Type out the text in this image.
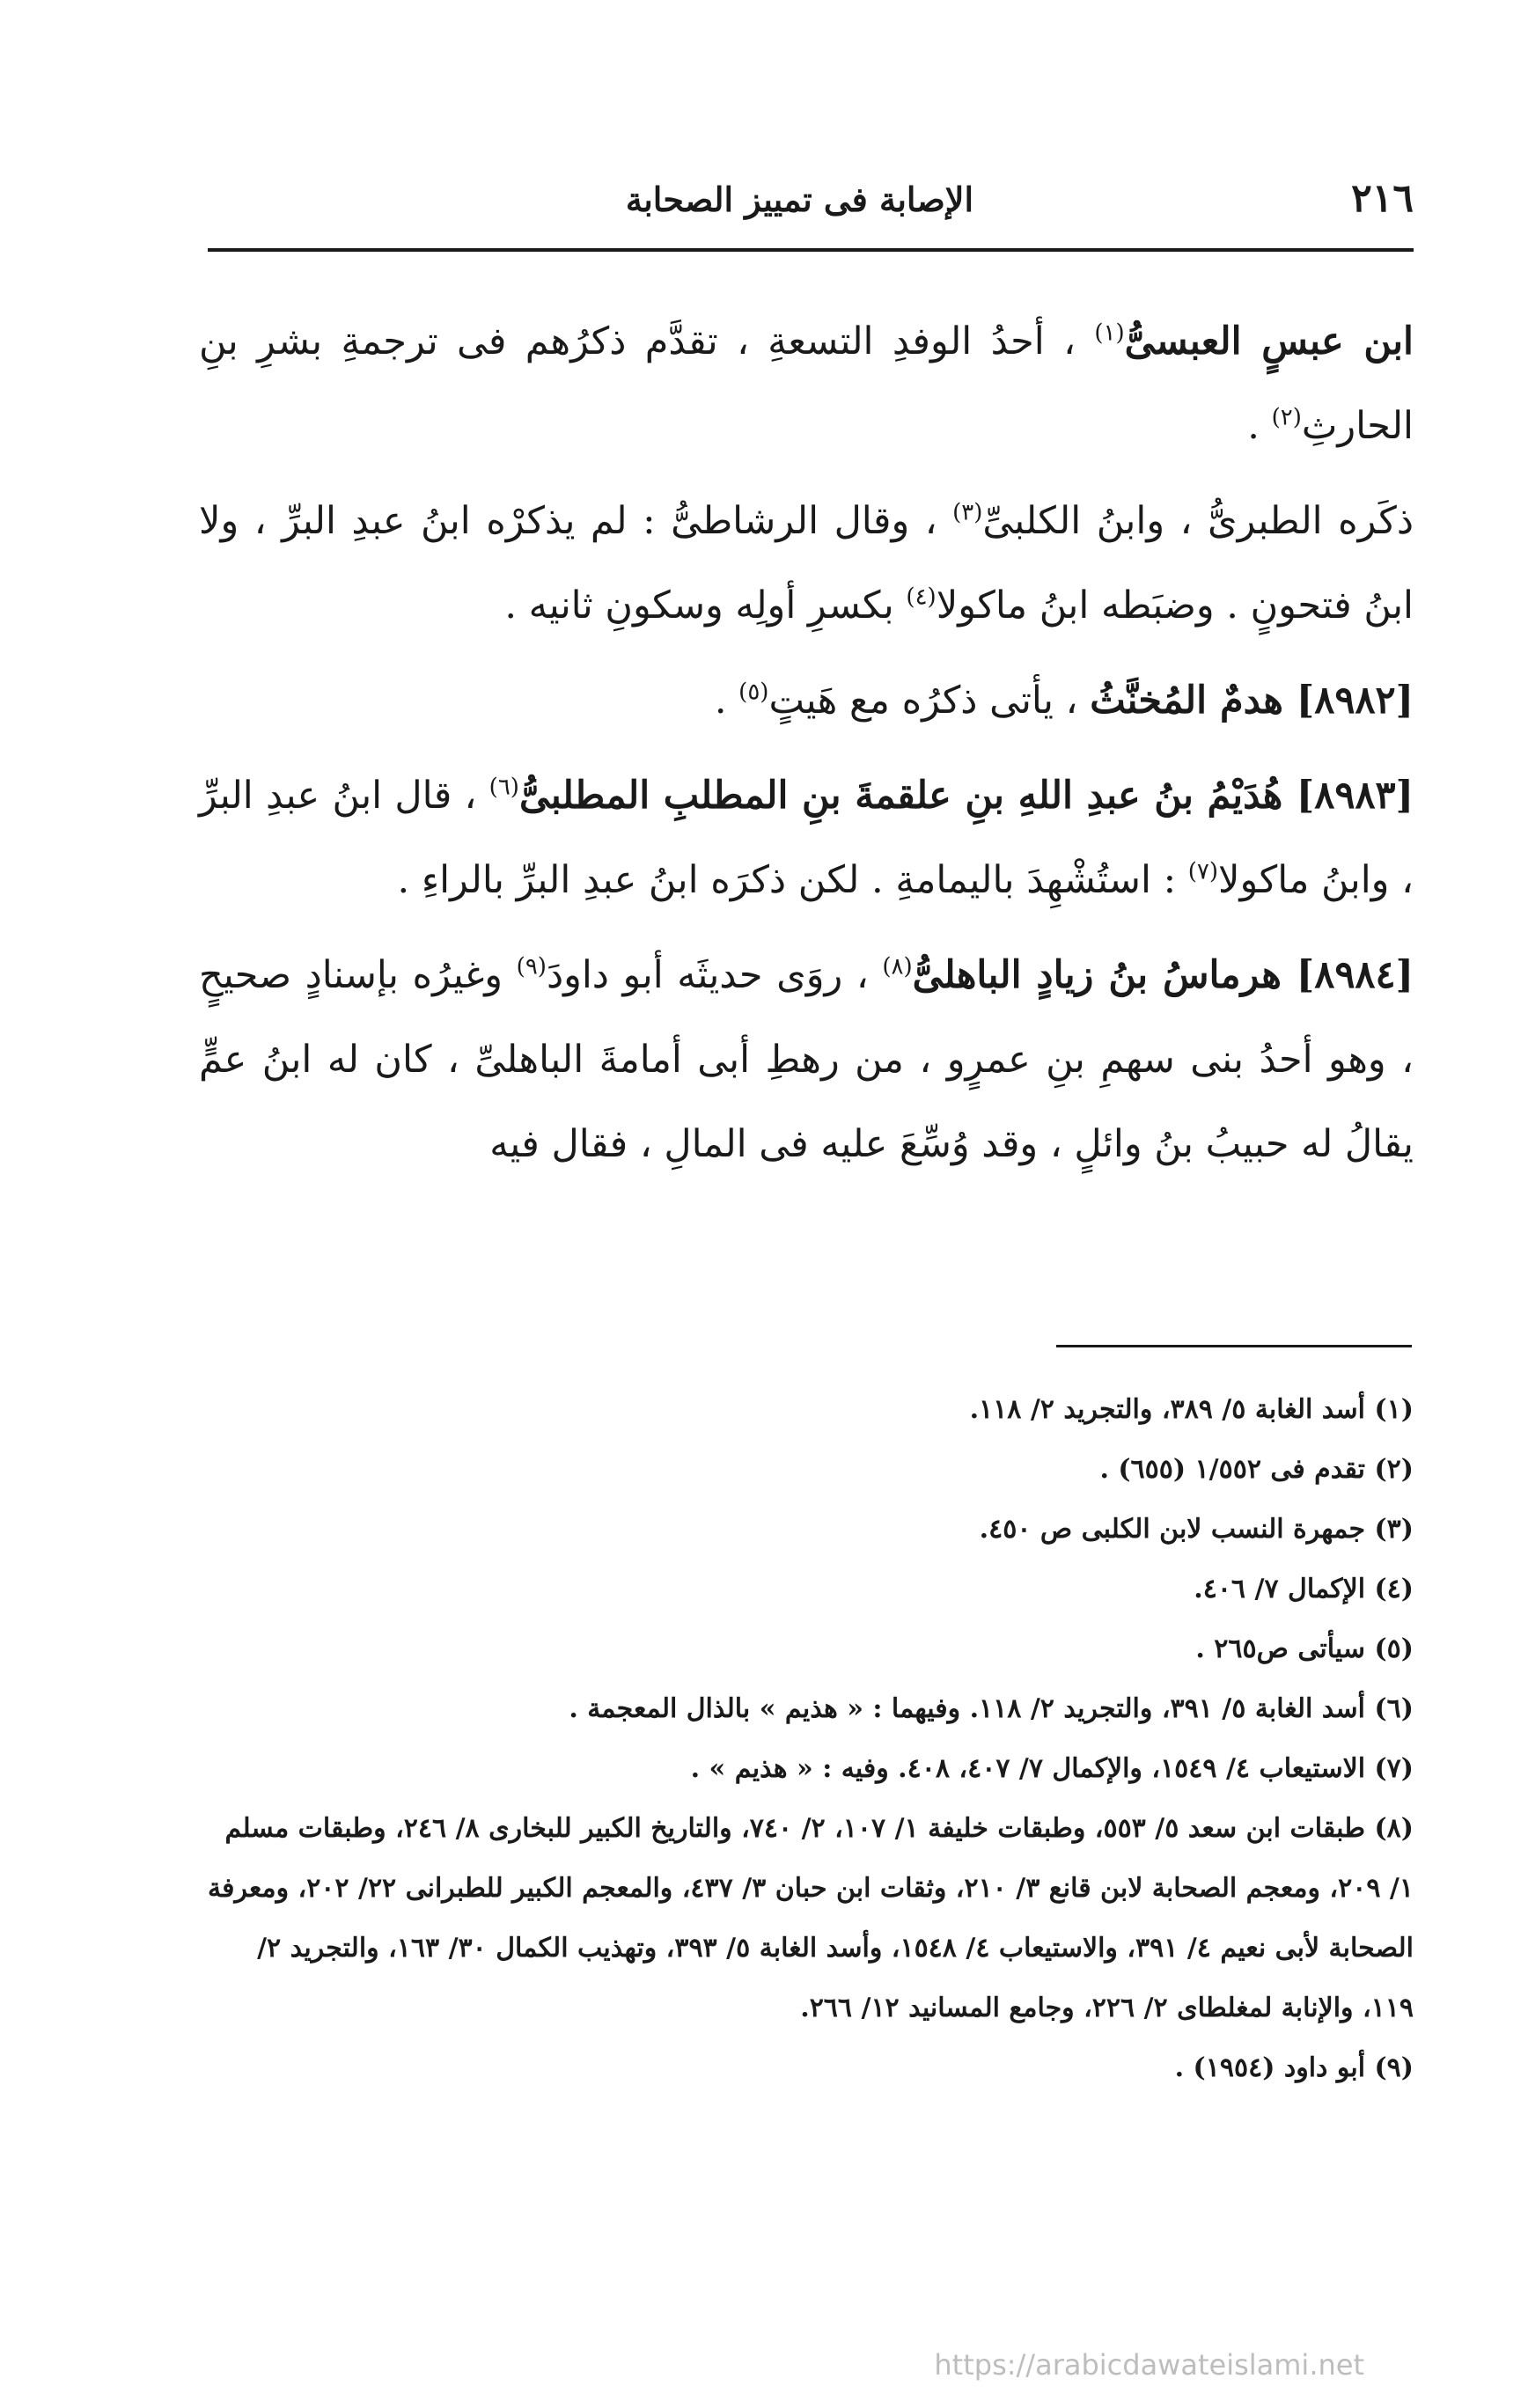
٢١٦
الإصابة فى تمييز الصحابة

ابن عبسٍ العبسىُّ$^{(١)}$ ، أحدُ الوفدِ التسعةِ ، تقدَّم ذكرُهم فى ترجمةِ بشرِ بنِ الحارثِ$^{(٢)}$ .

ذكَره الطبرىُّ ، وابنُ الكلبىِّ$^{(٣)}$ ، وقال الرشاطىُّ : لم يذكرْه ابنُ عبدِ البرِّ ، ولا ابنُ فتحونٍ . وضبَطه ابنُ ماكولا$^{(٤)}$ بكسرِ أولِه وسكونِ ثانيه .

[٨٩٨٢] هدمٌ المُخنَّثُ ، يأتى ذكرُه مع هَيتٍ$^{(٥)}$ .

[٨٩٨٣] هُدَيْمُ بنُ عبدِ اللهِ بنِ علقمةَ بنِ المطلبِ المطلبىُّ$^{(٦)}$ ، قال ابنُ عبدِ البرِّ ، وابنُ ماكولا$^{(٧)}$ : استُشْهِدَ باليمامةِ . لكن ذكرَه ابنُ عبدِ البرِّ بالراءِ .

[٨٩٨٤] هرماسُ بنُ زيادٍ الباهلىُّ$^{(٨)}$ ، روَى حديثَه أبو داودَ$^{(٩)}$ وغيرُه بإسنادٍ صحيحٍ ، وهو أحدُ بنى سهمِ بنِ عمرٍو ، من رهطِ أبى أمامةَ الباهلىِّ ، كان له ابنُ عمٍّ يقالُ له حبيبُ بنُ وائلٍ ، وقد وُسِّعَ عليه فى المالِ ، فقال فيه

(١) أسد الغابة ٥/ ٣٨٩، والتجريد ٢/ ١١٨.

(٢) تقدم فى ١/٥٥٢ (٦٥٥) .

(٣) جمهرة النسب لابن الكلبى ص ٤٥٠.

(٤) الإكمال ٧/ ٤٠٦.

(٥) سيأتى ص٢٦٥ .

(٦) أسد الغابة ٥/ ٣٩١، والتجريد ٢/ ١١٨. وفيهما : « هذيم » بالذال المعجمة .

(٧) الاستيعاب ٤/ ١٥٤٩، والإكمال ٧/ ٤٠٧، ٤٠٨. وفيه : « هذيم » .

(٨) طبقات ابن سعد ٥/ ٥٥٣، وطبقات خليفة ١/ ١٠٧، ٢/ ٧٤٠، والتاريخ الكبير للبخارى ٨/ ٢٤٦، وطبقات مسلم ١/ ٢٠٩، ومعجم الصحابة لابن قانع ٣/ ٢١٠، وثقات ابن حبان ٣/ ٤٣٧، والمعجم الكبير للطبرانى ٢٢/ ٢٠٢، ومعرفة الصحابة لأبى نعيم ٤/ ٣٩١، والاستيعاب ٤/ ١٥٤٨، وأسد الغابة ٥/ ٣٩٣، وتهذيب الكمال ٣٠/ ١٦٣، والتجريد ٢/ ١١٩، والإنابة لمغلطاى ٢/ ٢٢٦، وجامع المسانيد ١٢/ ٢٦٦.

(٩) أبو داود (١٩٥٤) .

https://arabicdawateislami.net
